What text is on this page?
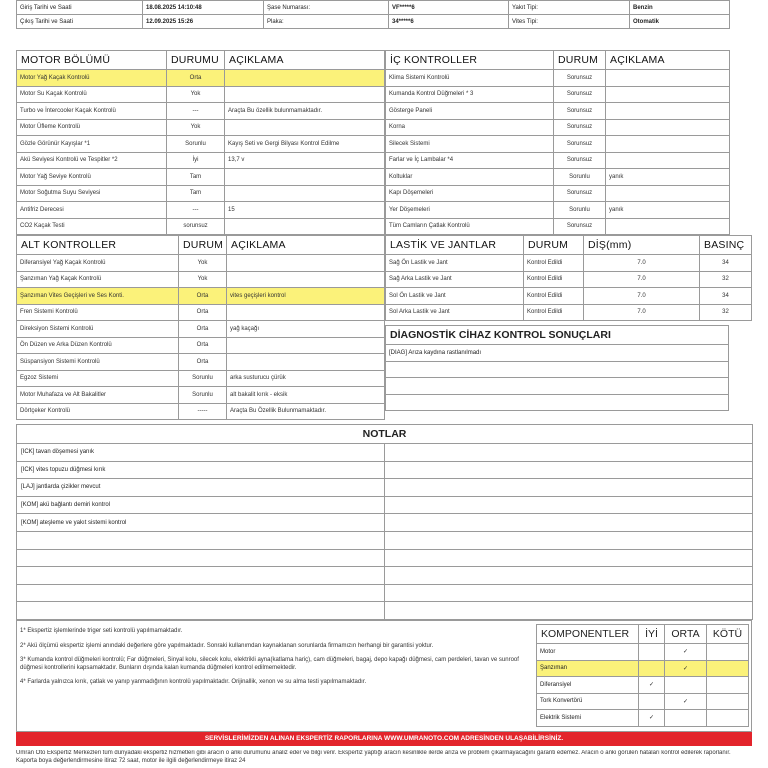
Giriş Tarihi ve Saati	18.08.2025 14:10:48	Şase Numarası:	VF*****6	Yakıt Tipi:	Benzin
Çıkış Tarihi ve Saati	12.09.2025 15:26	Plaka:	34*****6	Vites Tipi:	Otomatik
MOTOR BÖLÜMÜ	DURUMU	AÇIKLAMA
Motor Yağ Kaçak Kontrolü	Orta	
Motor Su Kaçak Kontrolü	Yok	
Turbo ve İntercooler Kaçak Kontrolü	---	Araçta Bu özellik bulunmamaktadır.
Motor Üfleme Kontrolü	Yok	
Gözle Görünür Kayışlar *1	Sorunlu	Kayış Seti ve Gergi Bilyası Kontrol Edilme
Akü Seviyesi Kontrolü ve Tespitler *2	İyi	13,7 v
Motor Yağ Seviye Kontrolü	Tam	
Motor Soğutma Suyu Seviyesi	Tam	
Antifriz Derecesi	---	15
CO2 Kaçak Testi	sorunsuz	
İÇ KONTROLLER	DURUM	AÇIKLAMA
Klima Sistemi Kontrolü	Sorunsuz	
Kumanda Kontrol Düğmeleri * 3	Sorunsuz	
Gösterge Paneli	Sorunsuz	
Korna	Sorunsuz	
Silecek Sistemi	Sorunsuz	
Farlar ve İç Lambalar *4	Sorunsuz	
Koltuklar	Sorunlu	yanık
Kapı Döşemeleri	Sorunsuz	
Yer Döşemeleri	Sorunlu	yanık
Tüm Camların Çatlak Kontrolü	Sorunsuz	
ALT KONTROLLER	DURUM	AÇIKLAMA
Diferansiyel Yağ Kaçak Kontrolü	Yok	
Şanzıman Yağ Kaçak Kontrolü	Yok	
Şanzıman Vites Geçişleri ve Ses Konti.	Orta	vites geçişleri kontrol
Fren Sistemi Kontrolü	Orta	
Direksiyon Sistemi Kontrolü	Orta	yağ kaçağı
Ön Düzen ve Arka Düzen Kontrolü	Orta	
Süspansiyon Sistemi Kontrolü	Orta	
Egzoz Sistemi	Sorunlu	arka susturucu çürük
Motor Muhafaza ve Alt Bakalitler	Sorunlu	alt bakalit kırık - eksik
Dörtçeker Kontrolü	-----	Araçta Bu Özellik Bulunmamaktadır.
LASTİK VE JANTLAR	DURUM	DİŞ(mm)	BASINÇ
Sağ Ön Lastik ve Jant	Kontrol Edildi	7.0	34
Sağ Arka Lastik ve Jant	Kontrol Edildi	7.0	32
Sol Ön Lastik ve Jant	Kontrol Edildi	7.0	34
Sol Arka Lastik ve Jant	Kontrol Edildi	7.0	32
DİAGNOSTİK CİHAZ KONTROL SONUÇLARI
[DIAG] Arıza kaydına rastlanılmadı

NOTLAR	
[ICK] tavan döşemesi yanık	
[ICK] vites topuzu düğmesi kırık	
[LAJ] jantlarda çizikler mevcut	
[KOM] akü bağlantı demiri kontrol	
[KOM] ateşleme ve yakıt sistemi kontrol	

1* Ekspertiz işlemlerinde triger seti kontrolü yapılmamaktadır.

2* Akü ölçümü ekspertiz işlemi anındaki değerlere göre yapılmaktadır. Sonraki kullanımdan kaynaklanan sorunlarda firmamızın herhangi bir garantisi yoktur.

3* Kumanda kontrol düğmeleri kontrolü; Far düğmeleri, Sinyal kolu, silecek kolu, elektrikli ayna(katlama hariç), cam düğmeleri, bagaj, depo kapağı düğmesi, cam perdeleri, tavan ve sunroof düğmesi kontrollerini kapsamaktadır. Bunların dışında kalan kumanda düğmeleri kontrol edilmemektedir.

4* Farlarda yalnızca kırık, çatlak ve yanıp yanmadığının kontrolü yapılmaktadır. Orijinallik, xenon ve su alma testi yapılmamaktadır.

KOMPONENTLER	İYİ	ORTA	KÖTÜ
Motor		✓	
Şanzıman		✓	
Diferansiyel	✓		
Tork Konvertörü		✓	
Elektrik Sistemi	✓		
SERVİSLERİMİZDEN ALINAN EKSPERTİZ RAPORLARINA WWW.UMRANOTO.COM ADRESİNDEN ULAŞABİLİRSİNİZ.
Umran Oto Ekspertiz Merkezleri tüm dünyadaki ekspertiz hizmetleri gibi aracın o anki durumunu analiz eder ve bilgi verir. Ekspertiz yaptığı aracın kesinlikle ilerde arıza ve problem çıkarmayacağını garanti edemez. Aracın o anki görülen hataları kontrol edilerek raporlanır. Kaporta boya değerlendirmesine itiraz 72 saat, motor ile ilgili değerlendirmeye itiraz 24
